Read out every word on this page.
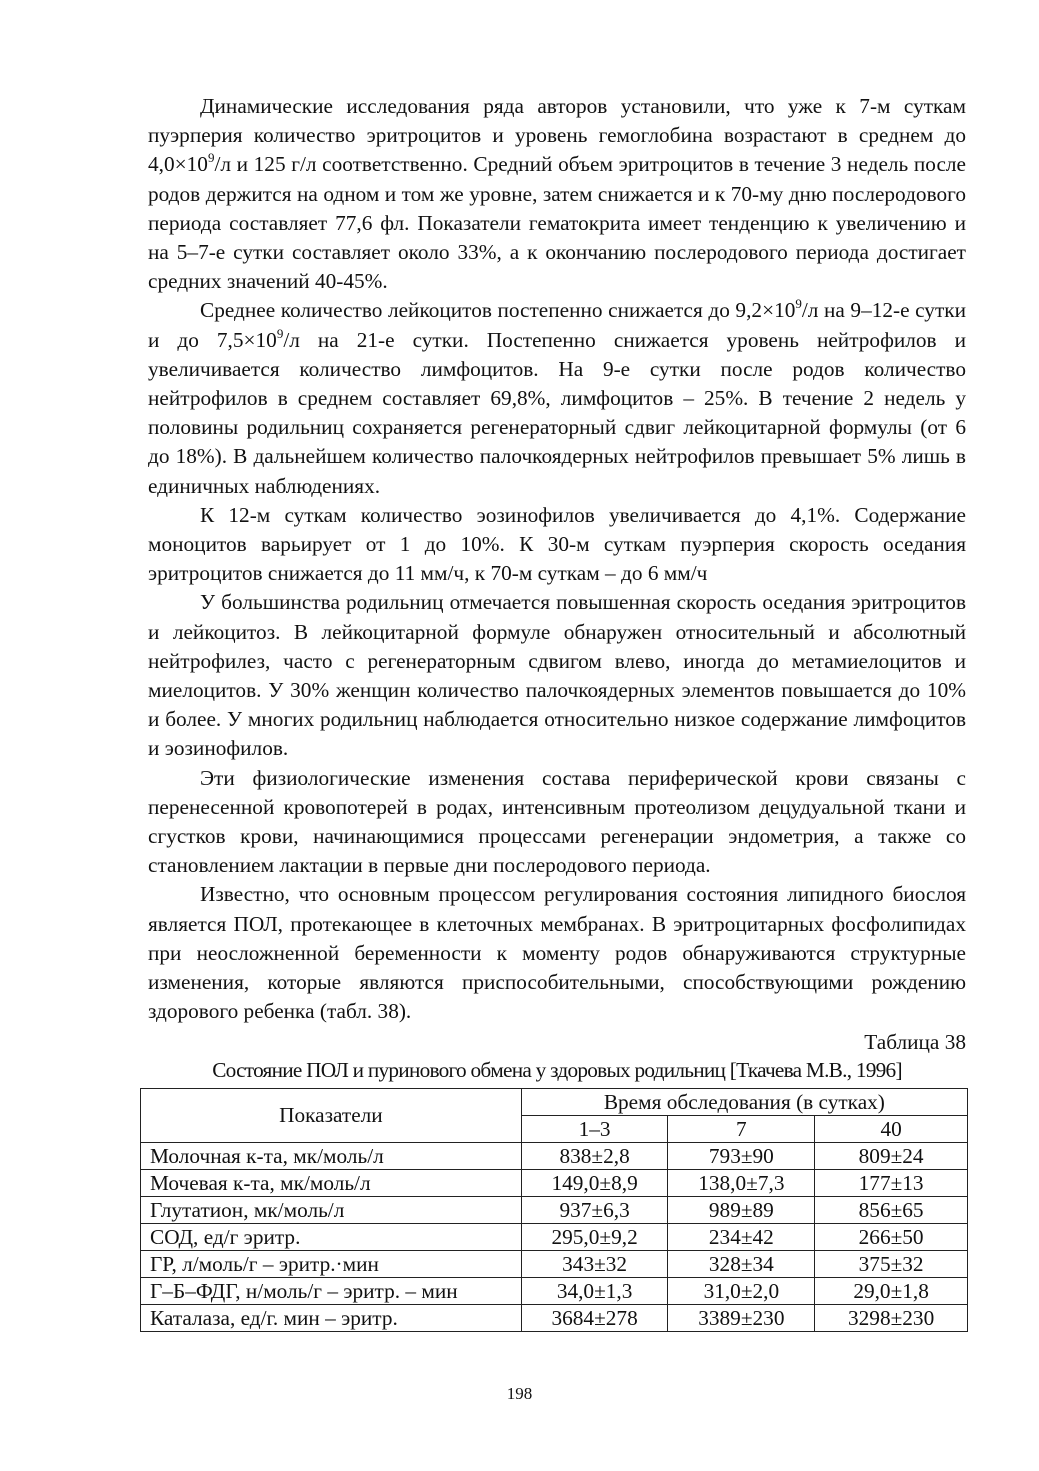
Динамические исследования ряда авторов установили, что уже к 7-м суткам пуэрперия количество эритроцитов и уровень гемоглобина возрастают в среднем до $4,0\times 10^9/л$ и 125 г/л соответственно. Средний объем эритроцитов в течение 3 недель после родов держится на одном и том же уровне, затем снижается и к 70-му дню послеродового периода составляет 77,6 фл. Показатели гематокрита имеет тенденцию к увеличению и на 5–7-е сутки составляет около 33%, а к окончанию послеродового периода достигает средних значений 40-45%.

Среднее количество лейкоцитов постепенно снижается до $9,2\times 10^9/л$ на 9–12-е сутки и до $7,5\times 10^9/л$ на 21-е сутки. Постепенно снижается уровень нейтрофилов и увеличивается количество лимфоцитов. На 9-е сутки после родов количество нейтрофилов в среднем составляет 69,8%, лимфоцитов – 25%. В течение 2 недель у половины родильниц сохраняется регенераторный сдвиг лейкоцитарной формулы (от 6 до 18%). В дальнейшем количество палочкоядерных нейтрофилов превышает 5% лишь в единичных наблюдениях.

К 12-м суткам количество эозинофилов увеличивается до 4,1%. Содержание моноцитов варьирует от 1 до 10%. К 30-м суткам пуэрперия скорость оседания эритроцитов снижается до 11 мм/ч, к 70-м суткам – до 6 мм/ч

У большинства родильниц отмечается повышенная скорость оседания эритроцитов и лейкоцитоз. В лейкоцитарной формуле обнаружен относительный и абсолютный нейтрофилез, часто с регенераторным сдвигом влево, иногда до метамиелоцитов и миелоцитов. У 30% женщин количество палочкоядерных элементов повышается до 10% и более. У многих родильниц наблюдается относительно низкое содержание лимфоцитов и эозинофилов.

Эти физиологические изменения состава периферической крови связаны с перенесенной кровопотерей в родах, интенсивным протеолизом децудуальной ткани и сгустков крови, начинающимися процессами регенерации эндометрия, а также со становлением лактации в первые дни послеродового периода.

Известно, что основным процессом регулирования состояния липидного биослоя является ПОЛ, протекающее в клеточных мембранах. В эритроцитарных фосфолипидах при неосложненной беременности к моменту родов обнаруживаются структурные изменения, которые являются приспособительными, способствующими рождению здорового ребенка (табл. 38).

Таблица 38
Состояние ПОЛ и пуринового обмена у здоровых родильниц [Ткачева М.В., 1996]
Показатели	Время обследования (в сутках)		
	1–3	7	40
Молочная к-та, мк/моль/л	838±2,8	793±90	809±24
Мочевая к-та, мк/моль/л	149,0±8,9	138,0±7,3	177±13
Глутатион, мк/моль/л	937±6,3	989±89	856±65
СОД, ед/г эритр.	295,0±9,2	234±42	266±50
ГР, л/моль/г – эритр.·мин	343±32	328±34	375±32
Г–Б–ФДГ, н/моль/г – эритр. – мин	34,0±1,3	31,0±2,0	29,0±1,8
Каталаза, ед/г. мин – эритр.	3684±278	3389±230	3298±230
198
